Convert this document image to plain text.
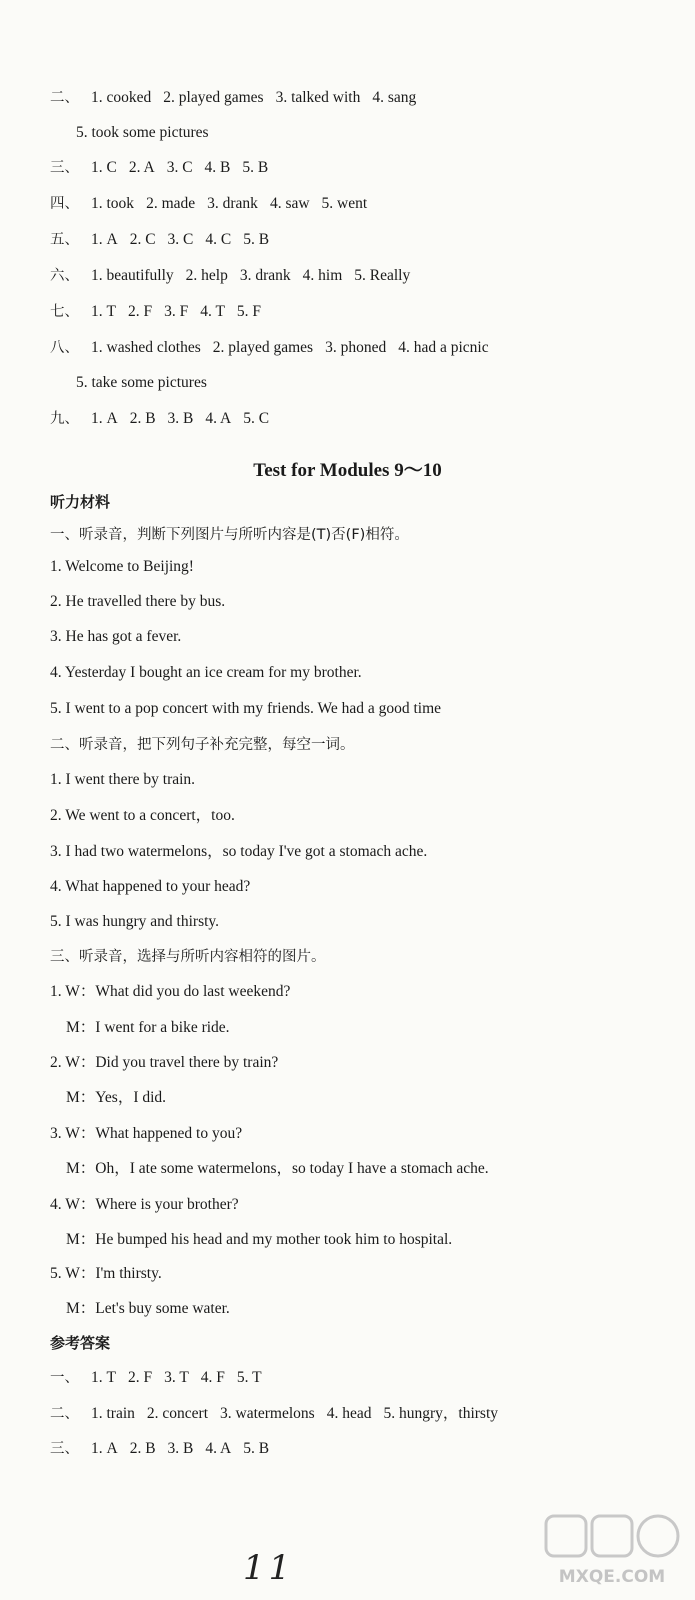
二、 1. cooked 2. played games 3. talked with 4. sang
5. took some pictures
三、 1. C 2. A 3. C 4. B 5. B
四、 1. took 2. made 3. drank 4. saw 5. went
五、 1. A 2. C 3. C 4. C 5. B
六、 1. beautifully 2. help 3. drank 4. him 5. Really
七、 1. T 2. F 3. F 4. T 5. F
八、 1. washed clothes 2. played games 3. phoned 4. had a picnic
5. take some pictures
九、 1. A 2. B 3. B 4. A 5. C
Test for Modules 9～10
听力材料
一、听录音，判断下列图片与所听内容是(T)否(F)相符。
1. Welcome to Beijing!
2. He travelled there by bus.
3. He has got a fever.
4. Yesterday I bought an ice cream for my brother.
5. I went to a pop concert with my friends. We had a good time
二、听录音，把下列句子补充完整，每空一词。
1. I went there by train.
2. We went to a concert，too.
3. I had two watermelons，so today I've got a stomach ache.
4. What happened to your head?
5. I was hungry and thirsty.
三、听录音，选择与所听内容相符的图片。
1. W：What did you do last weekend?
M：I went for a bike ride.
2. W：Did you travel there by train?
M：Yes，I did.
3. W：What happened to you?
M：Oh，I ate some watermelons，so today I have a stomach ache.
4. W：Where is your brother?
M：He bumped his head and my mother took him to hospital.
5. W：I'm thirsty.
M：Let's buy some water.
参考答案
一、 1. T 2. F 3. T 4. F 5. T
二、 1. train 2. concert 3. watermelons 4. head 5. hungry，thirsty
三、 1. A 2. B 3. B 4. A 5. B
11	MXQE.COM
